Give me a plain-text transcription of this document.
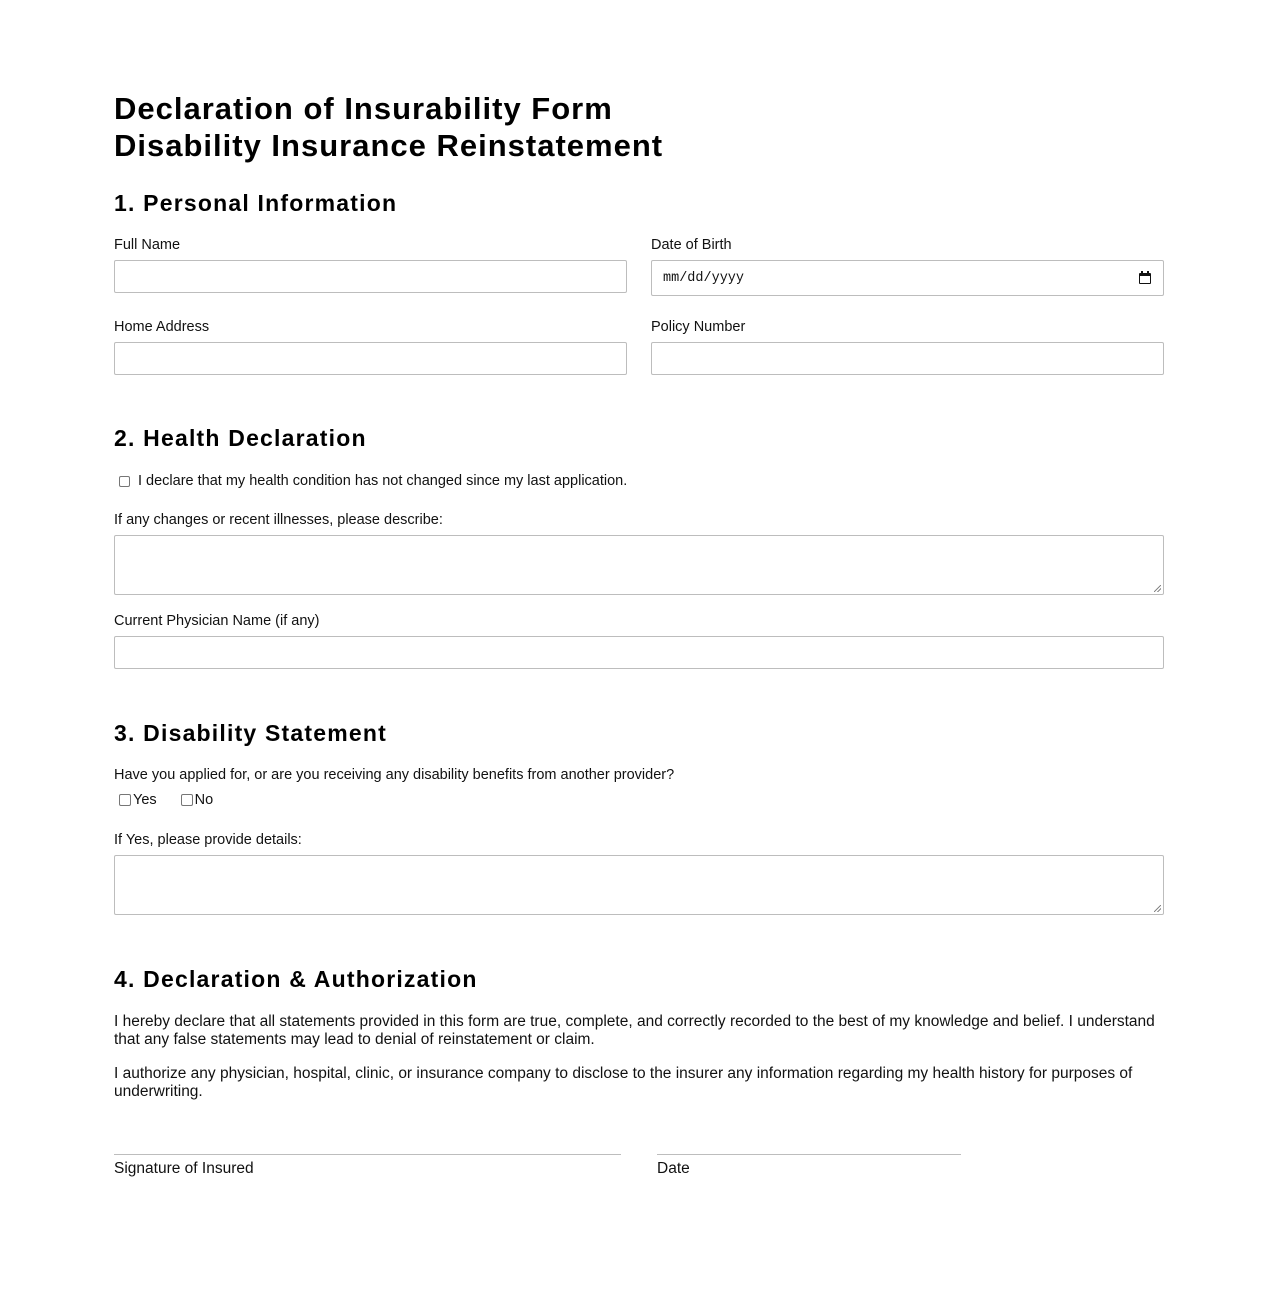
Declaration of Insurability Form
Disability Insurance Reinstatement
1. Personal Information
Full Name	Date of Birth
mm/dd/yyyy
Home Address	Policy Number
2. Health Declaration
I declare that my health condition has not changed since my last application.
If any changes or recent illnesses, please describe:
Current Physician Name (if any)
3. Disability Statement
Have you applied for, or are you receiving any disability benefits from another provider?
Yes	No
If Yes, please provide details:
4. Declaration & Authorization

I hereby declare that all statements provided in this form are true, complete, and correctly recorded to the best of my knowledge and belief. I understand that any false statements may lead to denial of reinstatement or claim.

I authorize any physician, hospital, clinic, or insurance company to disclose to the insurer any information regarding my health history for purposes of underwriting.

Signature of Insured	Date
